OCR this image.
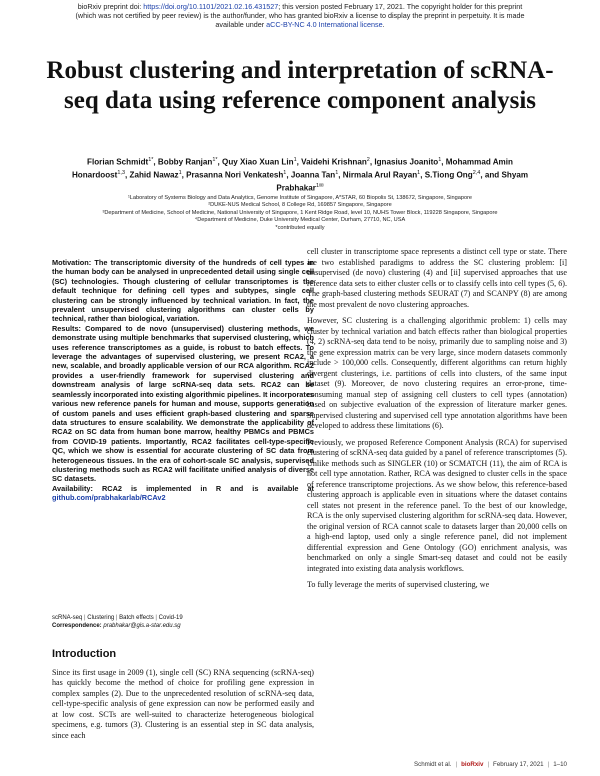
bioRxiv preprint doi: https://doi.org/10.1101/2021.02.16.431527; this version posted February 17, 2021. The copyright holder for this preprint
(which was not certified by peer review) is the author/funder, who has granted bioRxiv a license to display the preprint in perpetuity. It is made
available under aCC-BY-NC 4.0 International license.
Robust clustering and interpretation of scRNA-seq data using reference component analysis
Florian Schmidt$^{1*}$, Bobby Ranjan$^{1*}$, Quy Xiao Xuan Lin$^1$, Vaidehi Krishnan$^2$, Ignasius Joanito$^1$, Mohammad Amin Honardoost$^{1,3}$, Zahid Nawaz$^1$, Prasanna Nori Venkatesh$^1$, Joanna Tan$^1$, Nirmala Arul Rayan$^1$, S.Tiong Ong$^{2,4}$, and Shyam Prabhakar$^{1✉}$
¹Laboratory of Systems Biology and Data Analytics, Genome Institute of Singapore, A*STAR, 60 Biopolis St, 138672, Singapore, Singapore
²DUKE-NUS Medical School, 8 College Rd, 169857 Singapore, Singapore
³Department of Medicine, School of Medicine, National University of Singapore, 1 Kent Ridge Road, level 10, NUHS Tower Block, 119228 Singapore, Singapore
⁴Department of Medicine, Duke University Medical Center, Durham, 27710, NC, USA
*contributed equally

Motivation: The transcriptomic diversity of the hundreds of cell types in the human body can be analysed in unprecedented detail using single cell (SC) technologies. Though clustering of cellular transcriptomes is the default technique for defining cell types and subtypes, single cell clustering can be strongly influenced by technical variation. In fact, the prevalent unsupervised clustering algorithms can cluster cells by technical, rather than biological, variation.

Results: Compared to de novo (unsupervised) clustering methods, we demonstrate using multiple benchmarks that supervised clustering, which uses reference transcriptomes as a guide, is robust to batch effects. To leverage the advantages of supervised clustering, we present RCA2, a new, scalable, and broadly applicable version of our RCA algorithm. RCA2 provides a user-friendly framework for supervised clustering and downstream analysis of large scRNA-seq data sets. RCA2 can be seamlessly incorporated into existing algorithmic pipelines. It incorporates various new reference panels for human and mouse, supports generation of custom panels and uses efficient graph-based clustering and sparse data structures to ensure scalability. We demonstrate the applicability of RCA2 on SC data from human bone marrow, healthy PBMCs and PBMCs from COVID-19 patients. Importantly, RCA2 facilitates cell-type-specific QC, which we show is essential for accurate clustering of SC data from heterogeneous tissues. In the era of cohort-scale SC analysis, supervised clustering methods such as RCA2 will facilitate unified analysis of diverse SC datasets.

Availability: RCA2 is implemented in R and is available at github.com/prabhakarlab/RCAv2

scRNA-seq | Clustering | Batch effects | Covid-19
Correspondence: prabhakar@gis.a-star.edu.sg
Introduction

Since its first usage in 2009 (1), single cell (SC) RNA sequencing (scRNA-seq) has quickly become the method of choice for profiling gene expression in complex samples (2). Due to the unprecedented resolution of scRNA-seq data, cell-type-specific analysis of gene expression can now be performed easily and at low cost. SCTs are well-suited to characterize heterogeneous biological specimens, e.g. tumors (3). Clustering is an essential step in SC data analysis, since each

cell cluster in transcriptome space represents a distinct cell type or state. There are two established paradigms to address the SC clustering problem: [i] unsupervised (de novo) clustering (4) and [ii] supervised approaches that use reference data sets to either cluster cells or to classify cells into cell types (5, 6). The graph-based clustering methods SEURAT (7) and SCANPY (8) are among the most prevalent de novo clustering approaches.

However, SC clustering is a challenging algorithmic problem: 1) cells may cluster by technical variation and batch effects rather than biological properties (4, 2) scRNA-seq data tend to be noisy, primarily due to sampling noise and 3) the gene expression matrix can be very large, since modern datasets commonly include > 100,000 cells. Consequently, different algorithms can return highly divergent clusterings, i.e. partitions of cells into clusters, of the same input dataset (9). Moreover, de novo clustering requires an error-prone, time-consuming manual step of assigning cell clusters to cell types (annotation) based on subjective evaluation of the expression of literature marker genes. Supervised clustering and supervised cell type annotation algorithms have been developed to address these limitations (6).

Previously, we proposed Reference Component Analysis (RCA) for supervised clustering of scRNA-seq data guided by a panel of reference transcriptomes (5). Unlike methods such as SINGLER (10) or SCMATCH (11), the aim of RCA is not cell type annotation. Rather, RCA was designed to cluster cells in the space of reference transcriptome projections. As we show below, this reference-based clustering approach is applicable even in situations where the dataset contains cell states not present in the reference panel. To the best of our knowledge, RCA is the only supervised clustering algorithm for scRNA-seq data. However, the original version of RCA cannot scale to datasets larger than 20,000 cells on a high-end laptop, used only a single reference panel, did not implement differential expression and Gene Ontology (GO) enrichment analysis, was benchmarked on only a single Smart-seq dataset and could not be easily integrated into existing data analysis workflows.

To fully leverage the merits of supervised clustering, we

Schmidt et al. | bioRxiv | February 17, 2021 | 1–10
